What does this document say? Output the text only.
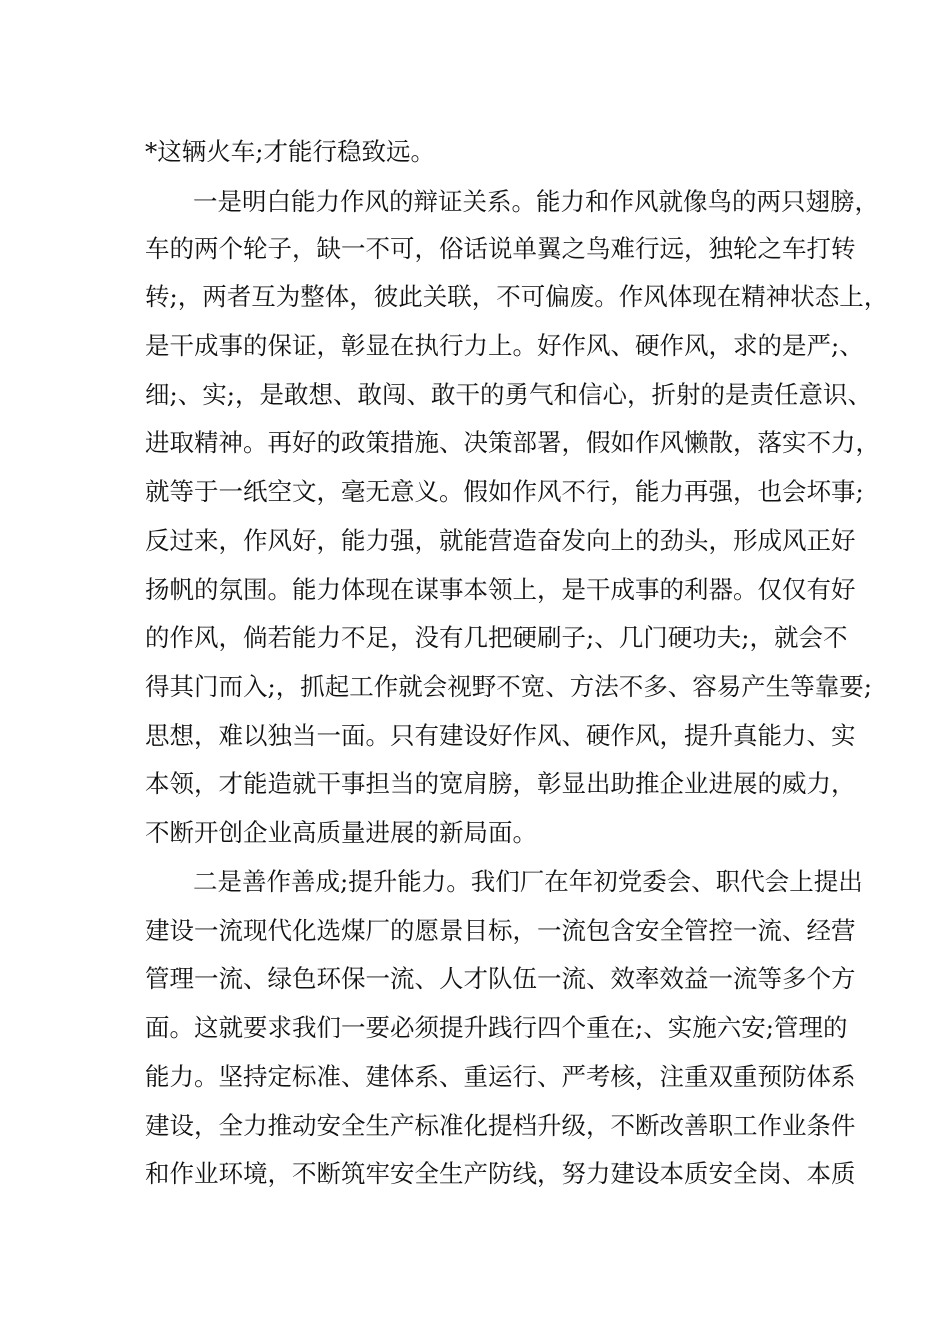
*这辆火车;才能行稳致远。
一是明白能力作风的辩证关系。能力和作风就像鸟的两只翅膀，
车的两个轮子，缺一不可，俗话说单翼之鸟难行远，独轮之车打转
转;，两者互为整体，彼此关联，不可偏废。作风体现在精神状态上，
是干成事的保证，彰显在执行力上。好作风、硬作风，求的是严;、
细;、实;，是敢想、敢闯、敢干的勇气和信心，折射的是责任意识、
进取精神。再好的政策措施、决策部署，假如作风懒散，落实不力，
就等于一纸空文，毫无意义。假如作风不行，能力再强，也会坏事;
反过来，作风好，能力强，就能营造奋发向上的劲头，形成风正好
扬帆的氛围。能力体现在谋事本领上，是干成事的利器。仅仅有好
的作风，倘若能力不足，没有几把硬刷子;、几门硬功夫;，就会不
得其门而入;，抓起工作就会视野不宽、方法不多、容易产生等靠要;
思想，难以独当一面。只有建设好作风、硬作风，提升真能力、实
本领，才能造就干事担当的宽肩膀，彰显出助推企业进展的威力，
不断开创企业高质量进展的新局面。
二是善作善成;提升能力。我们厂在年初党委会、职代会上提出
建设一流现代化选煤厂的愿景目标，一流包含安全管控一流、经营
管理一流、绿色环保一流、人才队伍一流、效率效益一流等多个方
面。这就要求我们一要必须提升践行四个重在;、实施六安;管理的
能力。坚持定标准、建体系、重运行、严考核，注重双重预防体系
建设，全力推动安全生产标准化提档升级，不断改善职工作业条件
和作业环境，不断筑牢安全生产防线，努力建设本质安全岗、本质
